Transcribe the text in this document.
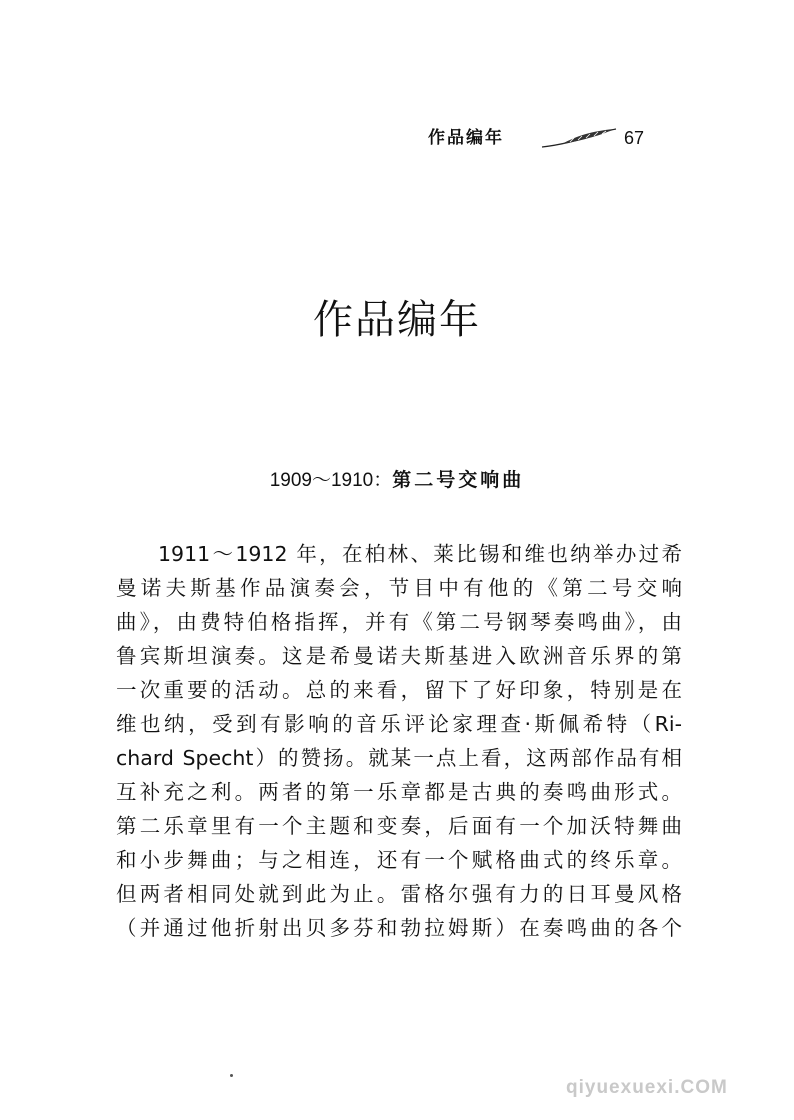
作品编年	67
作品编年
1909～1910：第二号交响曲
1911～1912 年，在柏林、莱比锡和维也纳举办过希
曼诺夫斯基作品演奏会，节目中有他的《第二号交响
曲》，由费特伯格指挥，并有《第二号钢琴奏鸣曲》，由
鲁宾斯坦演奏。这是希曼诺夫斯基进入欧洲音乐界的第
一次重要的活动。总的来看，留下了好印象，特别是在
维也纳，受到有影响的音乐评论家理查·斯佩希特（Ri-
chard Specht）的赞扬。就某一点上看，这两部作品有相
互补充之利。两者的第一乐章都是古典的奏鸣曲形式。
第二乐章里有一个主题和变奏，后面有一个加沃特舞曲
和小步舞曲；与之相连，还有一个赋格曲式的终乐章。
但两者相同处就到此为止。雷格尔强有力的日耳曼风格
（并通过他折射出贝多芬和勃拉姆斯）在奏鸣曲的各个
qiyuexuexi.COM
